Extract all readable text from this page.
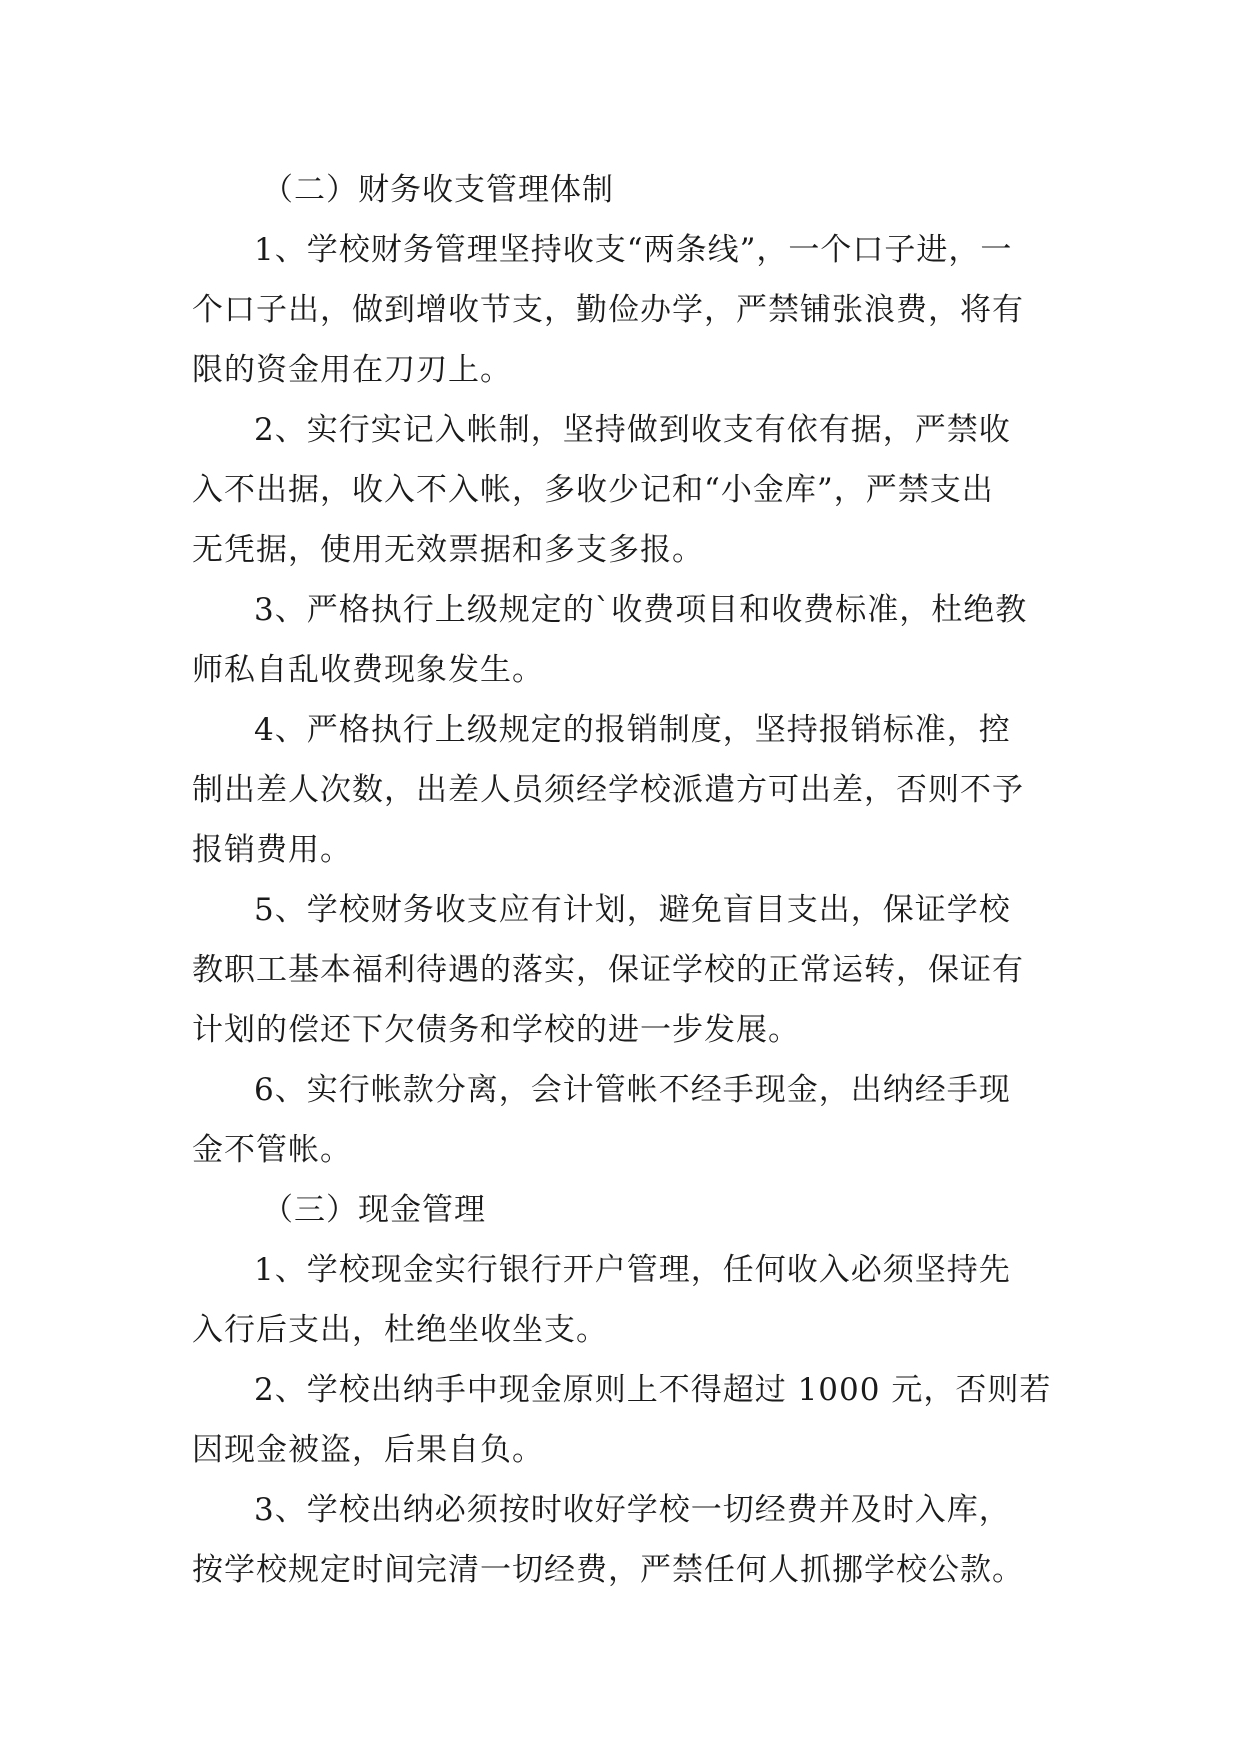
（二）财务收支管理体制
1、学校财务管理坚持收支“两条线”，一个口子进，一
个口子出，做到增收节支，勤俭办学，严禁铺张浪费，将有
限的资金用在刀刃上。
2、实行实记入帐制，坚持做到收支有依有据，严禁收
入不出据，收入不入帐，多收少记和“小金库”，严禁支出
无凭据，使用无效票据和多支多报。
3、严格执行上级规定的`收费项目和收费标准，杜绝教
师私自乱收费现象发生。
4、严格执行上级规定的报销制度，坚持报销标准，控
制出差人次数，出差人员须经学校派遣方可出差，否则不予
报销费用。
5、学校财务收支应有计划，避免盲目支出，保证学校
教职工基本福利待遇的落实，保证学校的正常运转，保证有
计划的偿还下欠债务和学校的进一步发展。
6、实行帐款分离，会计管帐不经手现金，出纳经手现
金不管帐。
（三）现金管理
1、学校现金实行银行开户管理，任何收入必须坚持先
入行后支出，杜绝坐收坐支。
2、学校出纳手中现金原则上不得超过 1000 元，否则若
因现金被盗，后果自负。
3、学校出纳必须按时收好学校一切经费并及时入库，
按学校规定时间完清一切经费，严禁任何人抓挪学校公款。
